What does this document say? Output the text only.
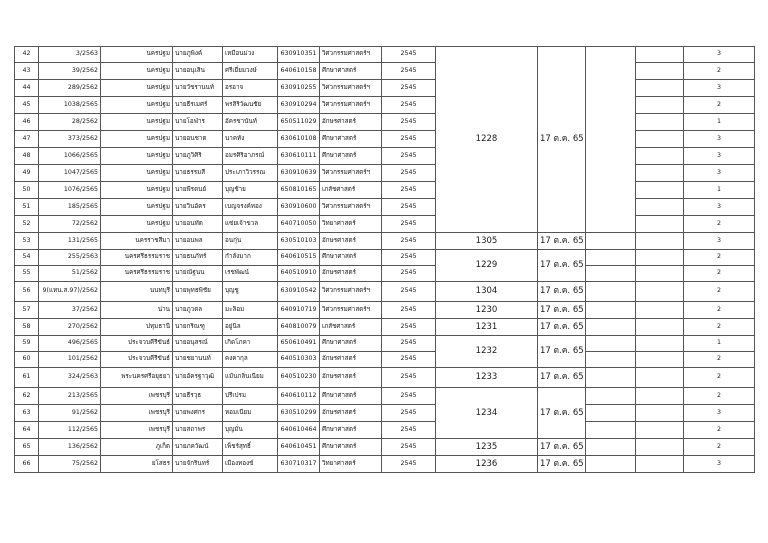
42	3/2563	นครปฐม	นายภูพิงค์	เหมือนม่วง	630910351	วิศวกรรมศาสตร์ฯ	2545	1228	17 ต.ค. 65			3
43	39/2562	นครปฐม	นายอนุเสิน	ศรีเยี่ยมวงษ์	640610158	ศึกษาศาสตร์	2545					2
44	289/2562	นครปฐม	นายวัชรานนท์	อรอาจ	630910255	วิศวกรรมศาสตร์ฯ	2545					3
45	1038/2565	นครปฐม	นายธีรเมศร์	พรสิริวัฒนชัย	630910294	วิศวกรรมศาสตร์ฯ	2545					2
46	28/2562	นครปฐม	นายโอฬาร	อัครชานันท์	650511029	อักษรศาสตร์	2545					1
47	373/2562	นครปฐม	นายอนชาต	นาคทัง	630610108	ศึกษาศาสตร์	2545					3
48	1066/2565	นครปฐม	นายภูวิศิริ	อมรศิริอาภรณ์	630610111	ศึกษาศาสตร์	2545					3
49	1047/2565	นครปฐม	นายธรรมสี	ประเภาวิวรรณ	630910639	วิศวกรรมศาสตร์ฯ	2545					3
50	1076/2565	นครปฐม	นายพีรดนย์	บุญช้าย	650810165	เภสัชศาสตร์	2545					1
51	185/2565	นครปฐม	นายวินอัคร	เบญจรงค์ทอง	630910600	วิศวกรรมศาสตร์ฯ	2545					3
52	72/2562	นครปฐม	นายอนทัต	แซ่ยเจ้าขวล	640710050	วิทยาศาสตร์	2545					2
53	131/2565	นครราชสีมา	นายอนพล	อนกุ่น	630510103	อักษรศาสตร์	2545	1305	17 ต.ค. 65			3
54	255/2563	นครศรีธรรมราช	นายธนภัทร์	กำลังมาก	640610515	ศึกษาศาสตร์	2545	1229	17 ต.ค. 65			2
55	51/2562	นครศรีธรรมราช	นายณัฐนน	เรชพัฒน์	640510910	อักษรศาสตร์	2545					2
56	9(แทน.ส.97)/2562	นนทบุรี	นายพุทธพิชัย	บุญชู	630910542	วิศวกรรมศาสตร์ฯ	2545	1304	17 ต.ค. 65			2
57	37/2562	น่าน	นายภูวดล	มะลิอม	640910719	วิศวกรรมศาสตร์ฯ	2545	1230	17 ต.ค. 65			2
58	270/2562	ปทุมธานี	นายกริณฑู	อยู่นิล	640810079	เภสัชศาสตร์	2545	1231	17 ต.ค. 65			2
59	496/2565	ประจวบคีรีขันธ์	นายอนุสรณ์	เกิดโภคา	650610491	ศึกษาศาสตร์	2545	1232	17 ต.ค. 65			1
60	101/2562	ประจวบคีรีขันธ์	นายชยานนท์	คงคากุล	640510303	อักษรศาสตร์	2545					2
61	324/2563	พระนครศรีอยุธยา	นายอัครฐาวุฒิ	แม้นกลิ่นเนียม	640510230	อักษรศาสตร์	2545	1233	17 ต.ค. 65			2
62	213/2565	เพชรบุรี	นายธีรวุธ	ปรีเปรม	640610112	ศึกษาศาสตร์	2545	1234	17 ต.ค. 65			2
63	91/2562	เพชรบุรี	นายพงศกร	หอมเนียม	630510299	อักษรศาสตร์	2545					3
64	112/2565	เพชรบุรี	นายสถาพร	บุญมั่น	640610464	ศึกษาศาสตร์	2545					2
65	136/2562	ภูเก็ต	นายภควัฒน์	เพ็ชร์สุทธิ์	640610451	ศึกษาศาสตร์	2545	1235	17 ต.ค. 65			2
66	75/2562	ยโสธร	นายจักรินทร์	เมืองทองข์	630710317	วิทยาศาสตร์	2545	1236	17 ต.ค. 65			3
